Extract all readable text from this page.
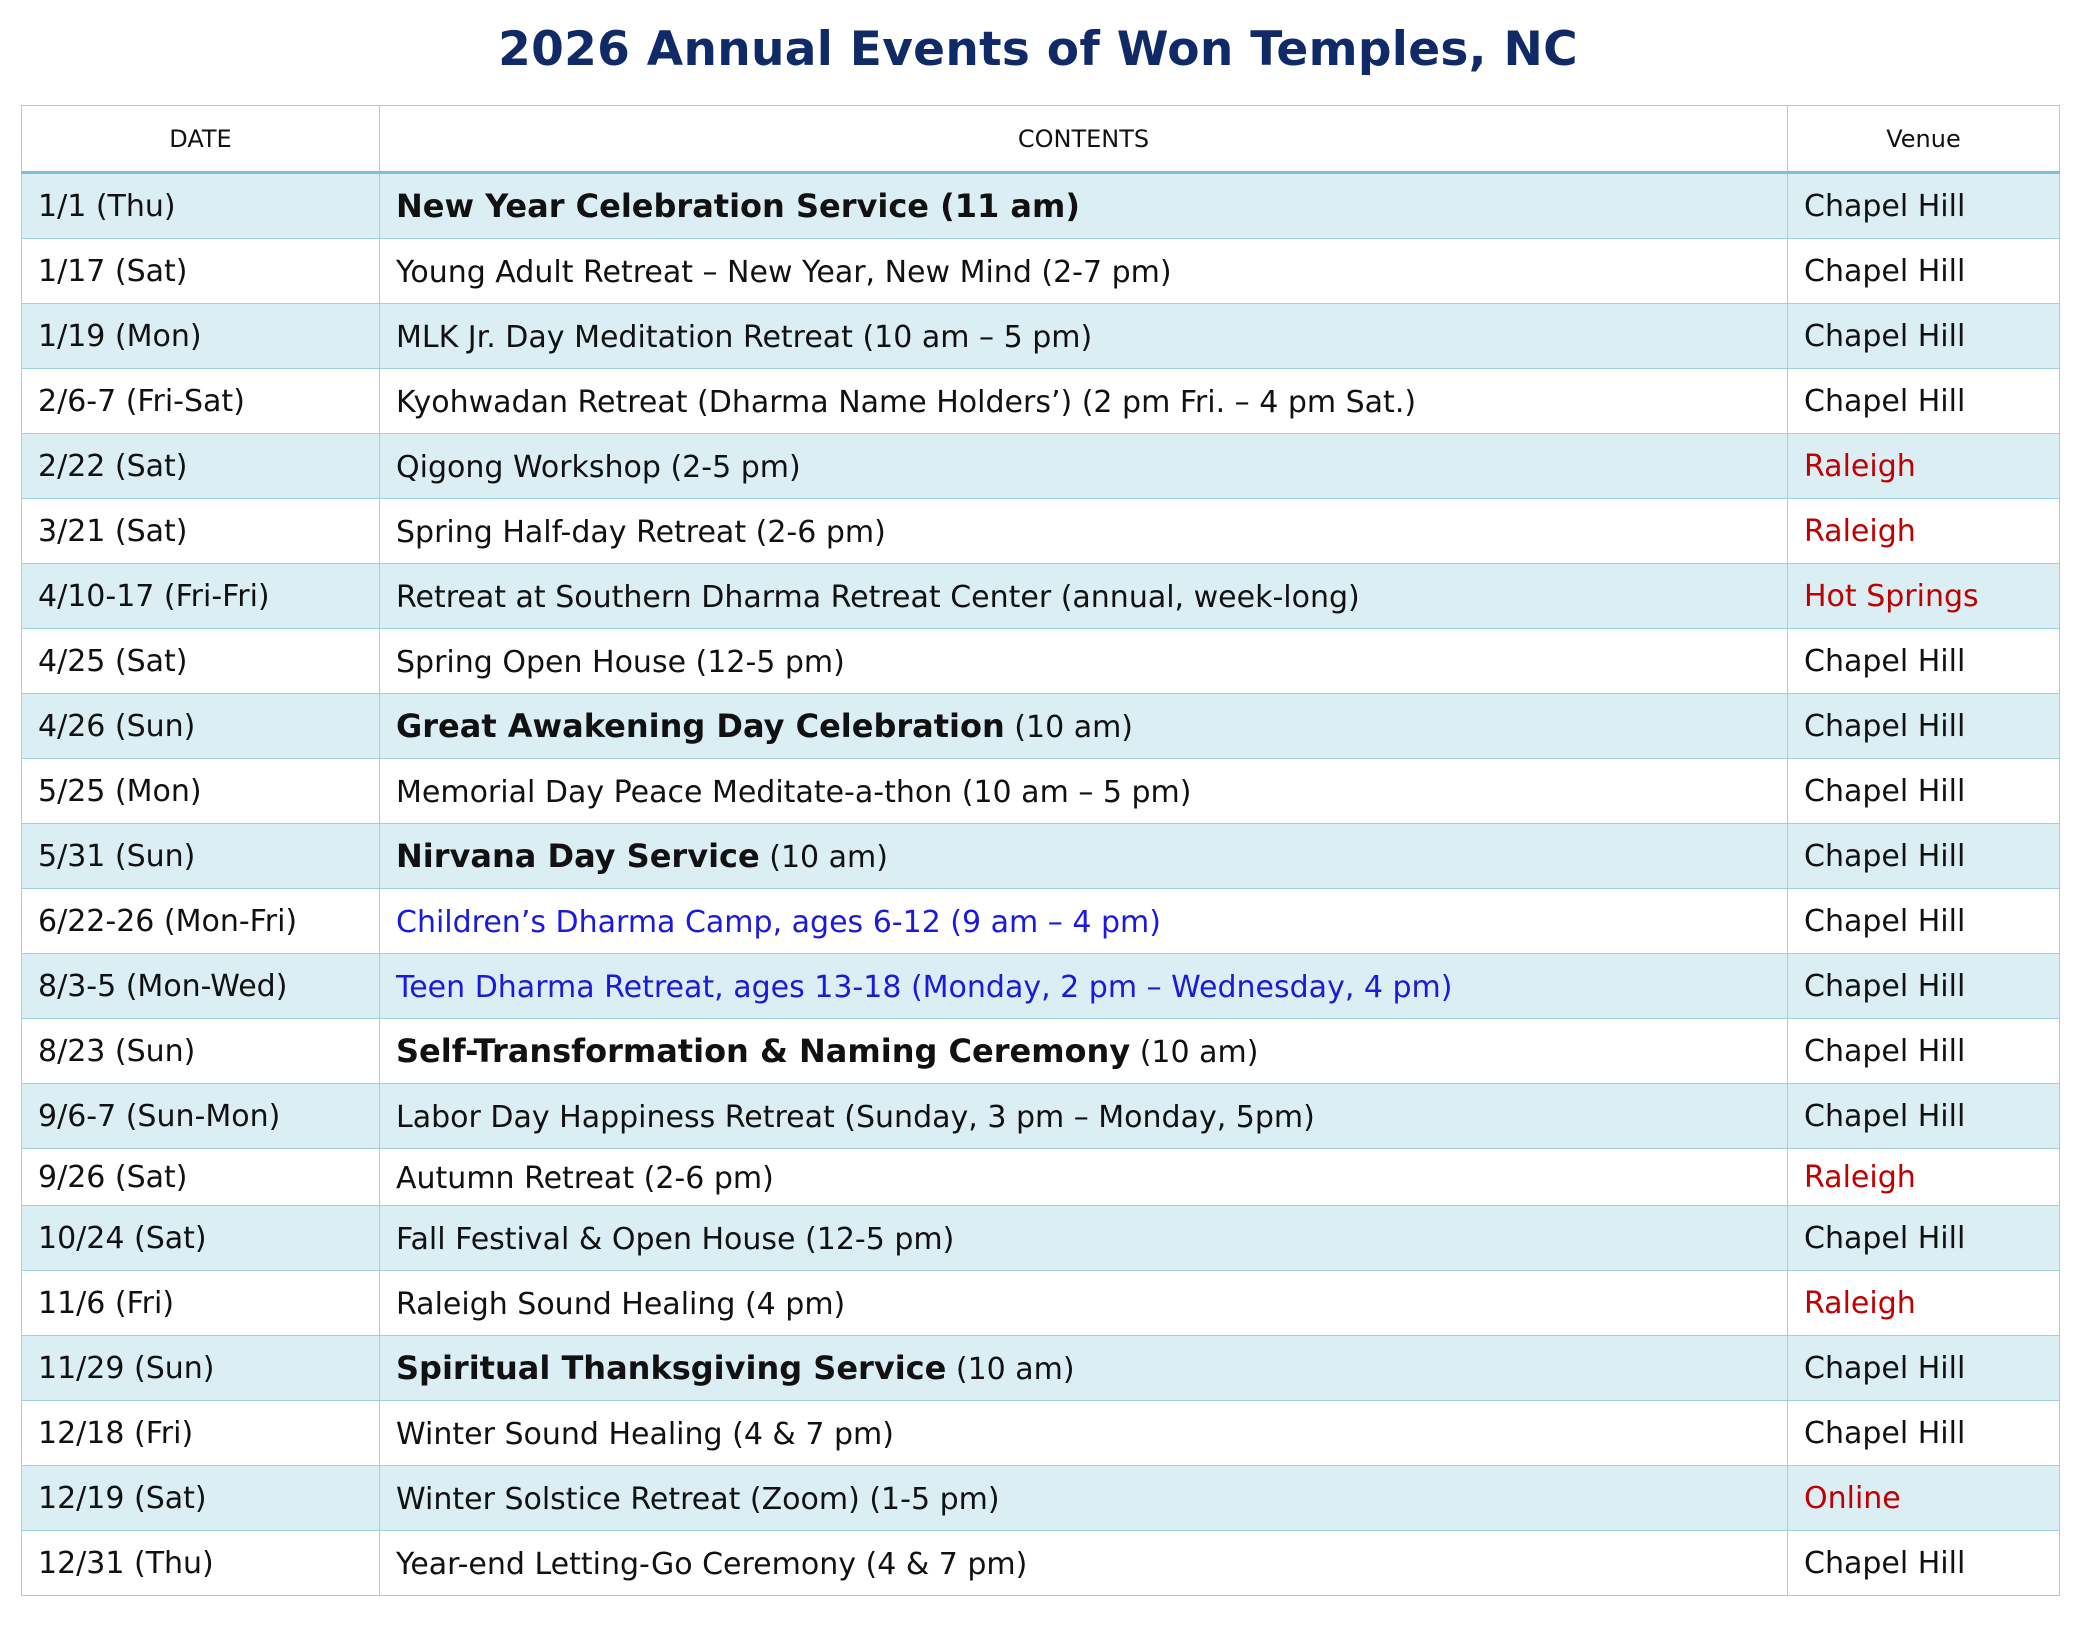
2026 Annual Events of Won Temples, NC
DATE	CONTENTS	Venue
1/1 (Thu)	New Year Celebration Service (11 am)	Chapel Hill
1/17 (Sat)	Young Adult Retreat – New Year, New Mind (2-7 pm)	Chapel Hill
1/19 (Mon)	MLK Jr. Day Meditation Retreat (10 am – 5 pm)	Chapel Hill
2/6-7 (Fri-Sat)	Kyohwadan Retreat (Dharma Name Holders’) (2 pm Fri. – 4 pm Sat.)	Chapel Hill
2/22 (Sat)	Qigong Workshop (2-5 pm)	Raleigh
3/21 (Sat)	Spring Half-day Retreat (2-6 pm)	Raleigh
4/10-17 (Fri-Fri)	Retreat at Southern Dharma Retreat Center (annual, week-long)	Hot Springs
4/25 (Sat)	Spring Open House (12-5 pm)	Chapel Hill
4/26 (Sun)	Great Awakening Day Celebration (10 am)	Chapel Hill
5/25 (Mon)	Memorial Day Peace Meditate-a-thon (10 am – 5 pm)	Chapel Hill
5/31 (Sun)	Nirvana Day Service (10 am)	Chapel Hill
6/22-26 (Mon-Fri)	Children’s Dharma Camp, ages 6-12 (9 am – 4 pm)	Chapel Hill
8/3-5 (Mon-Wed)	Teen Dharma Retreat, ages 13-18 (Monday, 2 pm – Wednesday, 4 pm)	Chapel Hill
8/23 (Sun)	Self-Transformation & Naming Ceremony (10 am)	Chapel Hill
9/6-7 (Sun-Mon)	Labor Day Happiness Retreat (Sunday, 3 pm – Monday, 5pm)	Chapel Hill
9/26 (Sat)	Autumn Retreat (2-6 pm)	Raleigh
10/24 (Sat)	Fall Festival & Open House (12-5 pm)	Chapel Hill
11/6 (Fri)	Raleigh Sound Healing (4 pm)	Raleigh
11/29 (Sun)	Spiritual Thanksgiving Service (10 am)	Chapel Hill
12/18 (Fri)	Winter Sound Healing (4 & 7 pm)	Chapel Hill
12/19 (Sat)	Winter Solstice Retreat (Zoom) (1-5 pm)	Online
12/31 (Thu)	Year-end Letting-Go Ceremony (4 & 7 pm)	Chapel Hill
